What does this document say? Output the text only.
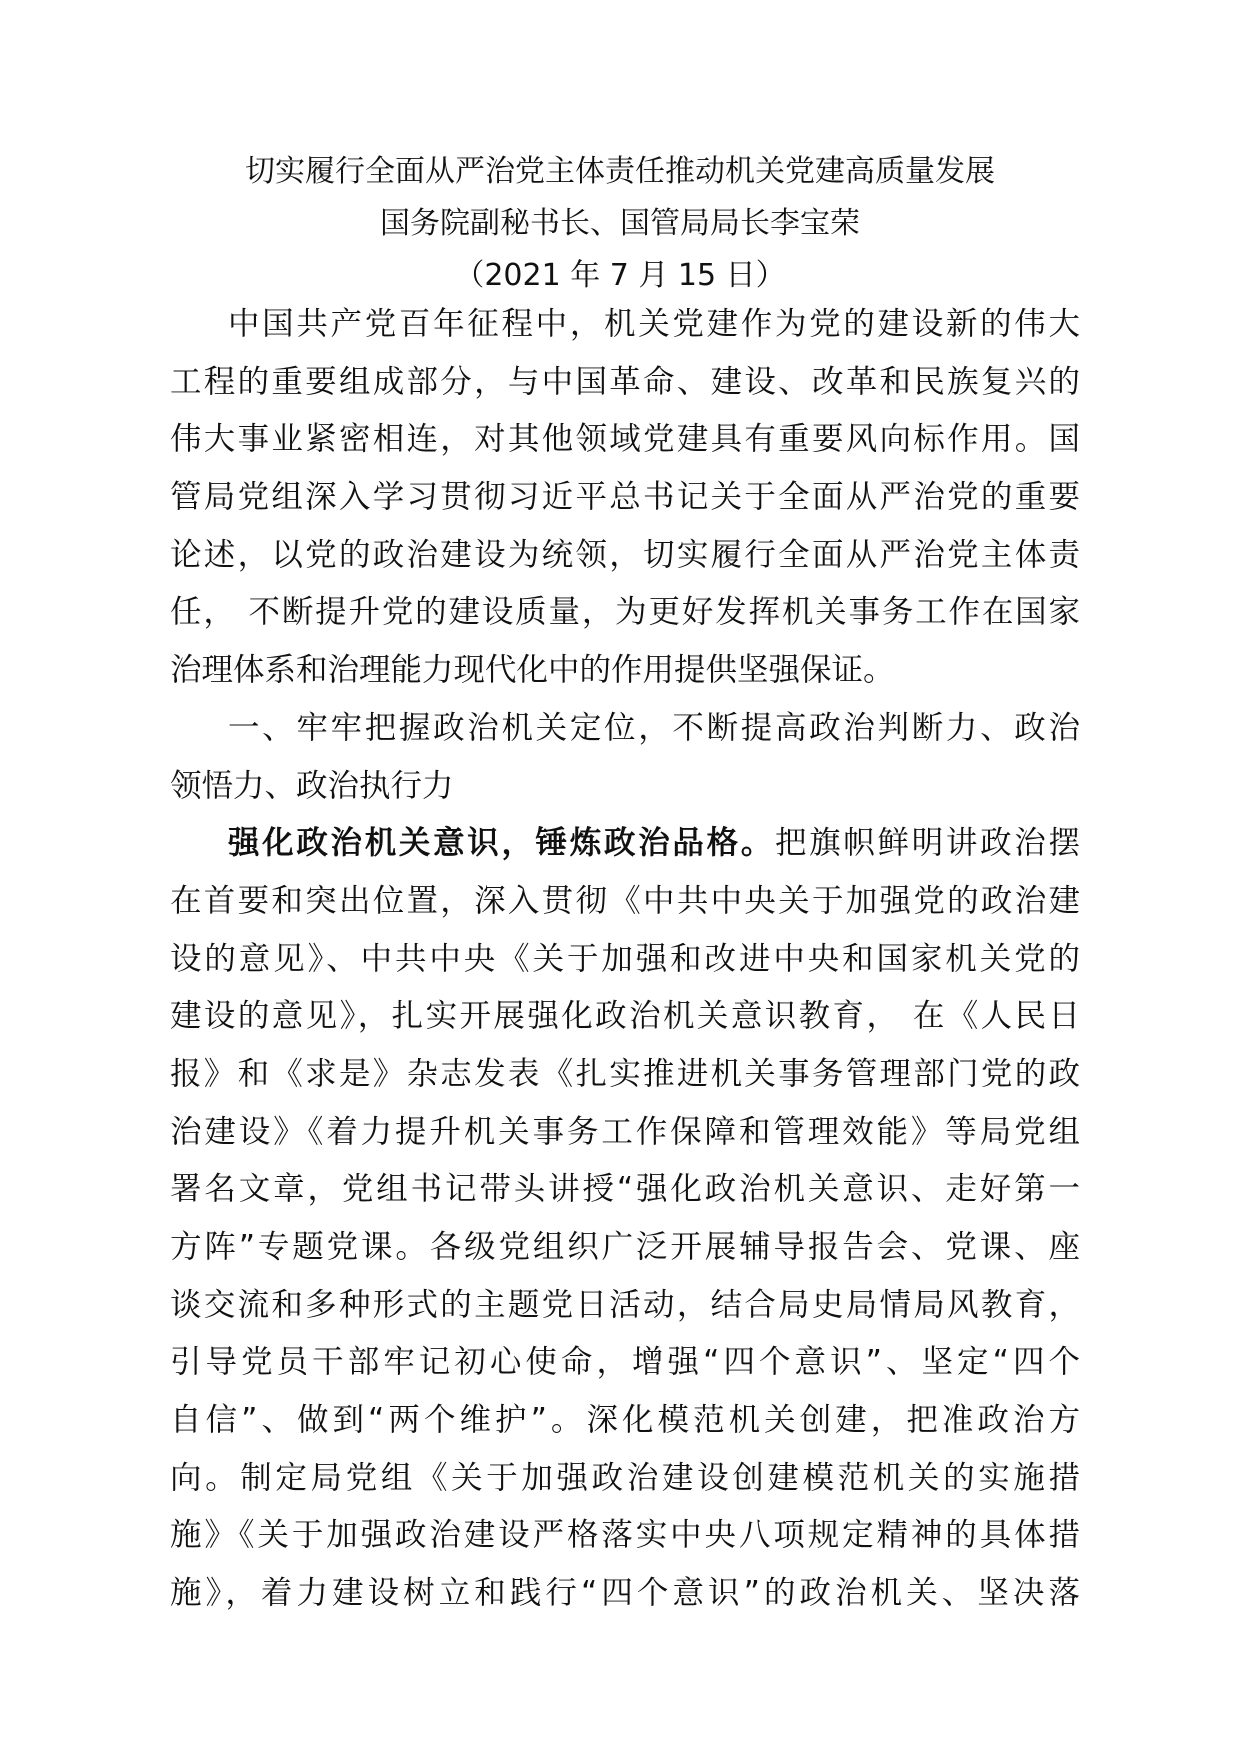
切实履行全面从严治党主体责任推动机关党建高质量发展

国务院副秘书长、国管局局长李宝荣

（2021 年 7 月 15 日）

中国共产党百年征程中，机关党建作为党的建设新的伟大
工程的重要组成部分，与中国革命、建设、改革和民族复兴的
伟大事业紧密相连，对其他领域党建具有重要风向标作用。国
管局党组深入学习贯彻习近平总书记关于全面从严治党的重要
论述，以党的政治建设为统领，切实履行全面从严治党主体责
任， 不断提升党的建设质量，为更好发挥机关事务工作在国家
治理体系和治理能力现代化中的作用提供坚强保证。
一、牢牢把握政治机关定位，不断提高政治判断力、政治
领悟力、政治执行力
强化政治机关意识，锤炼政治品格。把旗帜鲜明讲政治摆
在首要和突出位置，深入贯彻《中共中央关于加强党的政治建
设的意见》、中共中央《关于加强和改进中央和国家机关党的
建设的意见》，扎实开展强化政治机关意识教育， 在《人民日
报》和《求是》杂志发表《扎实推进机关事务管理部门党的政
治建设》《着力提升机关事务工作保障和管理效能》等局党组
署名文章，党组书记带头讲授“强化政治机关意识、走好第一
方阵”专题党课。各级党组织广泛开展辅导报告会、党课、座
谈交流和多种形式的主题党日活动，结合局史局情局风教育，
引导党员干部牢记初心使命，增强“四个意识”、坚定“四个
自信”、做到“两个维护”。深化模范机关创建，把准政治方
向。制定局党组《关于加强政治建设创建模范机关的实施措
施》《关于加强政治建设严格落实中央八项规定精神的具体措
施》，着力建设树立和践行“四个意识”的政治机关、坚决落
